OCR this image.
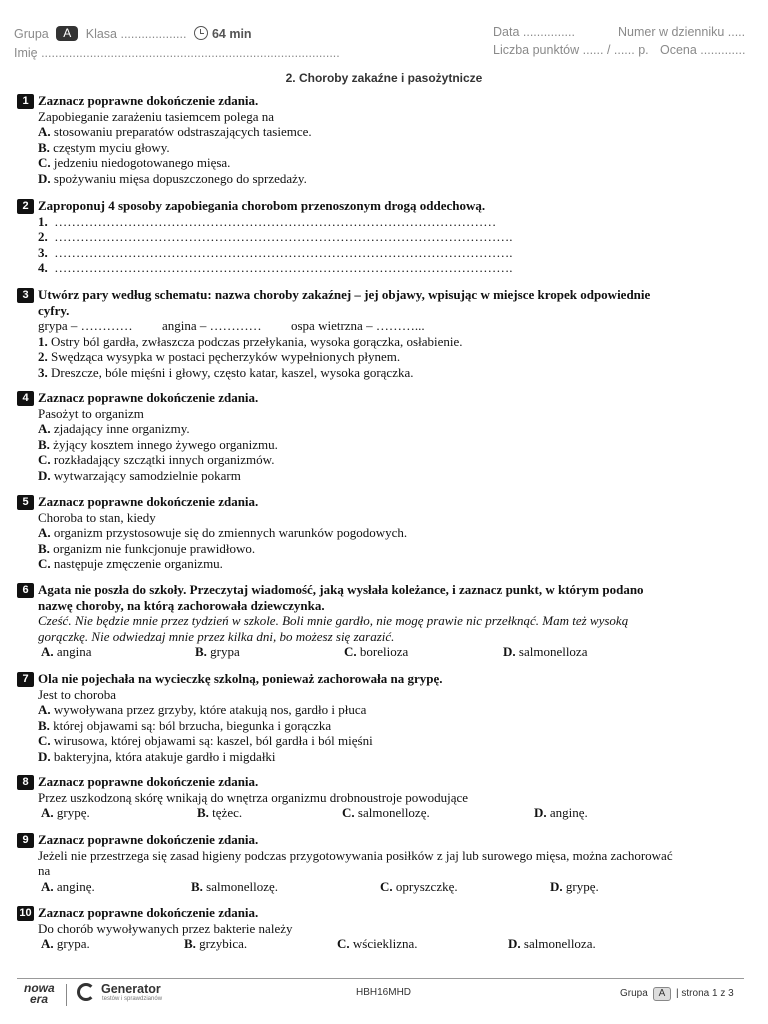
Grupa A Klasa ................... 64 min
Imię ......................................................................................
Data ...............	Numer w dzienniku .....
Liczba punktów ...... / ...... p. Ocena .............
2. Choroby zakaźne i pasożytnicze
1 Zaznacz poprawne dokończenie zdania.
Zapobieganie zarażeniu tasiemcem polega na
A. stosowaniu preparatów odstraszających tasiemce.
B. częstym myciu głowy.
C. jedzeniu niedogotowanego mięsa.
D. spożywaniu mięsa dopuszczonego do sprzedaży.
2 Zaproponuj 4 sposoby zapobiegania chorobom przenoszonym drogą oddechową.
1. …………………………………………………………………………………………
2. …………………………………………………………………………………………….
3. …………………………………………………………………………………………….
4. …………………………………………………………………………………………….
3 Utwórz pary według schematu: nazwa choroby zakaźnej – jej objawy, wpisując w miejsce kropek odpowiednie cyfry.
grypa – ………… angina – ………… ospa wietrzna – ………...
1. Ostry ból gardła, zwłaszcza podczas przełykania, wysoka gorączka, osłabienie.
2. Swędząca wysypka w postaci pęcherzyków wypełnionych płynem.
3. Dreszcze, bóle mięśni i głowy, często katar, kaszel, wysoka gorączka.
4 Zaznacz poprawne dokończenie zdania.
Pasożyt to organizm
A. zjadający inne organizmy.
B. żyjący kosztem innego żywego organizmu.
C. rozkładający szczątki innych organizmów.
D. wytwarzający samodzielnie pokarm
5 Zaznacz poprawne dokończenie zdania.
Choroba to stan, kiedy
A. organizm przystosowuje się do zmiennych warunków pogodowych.
B. organizm nie funkcjonuje prawidłowo.
C. następuje zmęczenie organizmu.
6 Agata nie poszła do szkoły. Przeczytaj wiadomość, jaką wysłała koleżance, i zaznacz punkt, w którym podano nazwę choroby, na którą zachorowała dziewczynka.
Cześć. Nie będzie mnie przez tydzień w szkole. Boli mnie gardło, nie mogę prawie nic przełknąć. Mam też wysoką gorączkę. Nie odwiedzaj mnie przez kilka dni, bo możesz się zarazić.
A. angina	B. grypa	C. borelioza	D. salmonelloza
7 Ola nie pojechała na wycieczkę szkolną, ponieważ zachorowała na grypę.
Jest to choroba
A. wywoływana przez grzyby, które atakują nos, gardło i płuca
B. której objawami są: ból brzucha, biegunka i gorączka
C. wirusowa, której objawami są: kaszel, ból gardła i ból mięśni
D. bakteryjna, która atakuje gardło i migdałki
8 Zaznacz poprawne dokończenie zdania.
Przez uszkodzoną skórę wnikają do wnętrza organizmu drobnoustroje powodujące
A. grypę.	B. tężec.	C. salmonellozę.	D. anginę.
9 Zaznacz poprawne dokończenie zdania.
Jeżeli nie przestrzega się zasad higieny podczas przygotowywania posiłków z jaj lub surowego mięsa, można zachorować na
A. anginę.	B. salmonellozę.	C. opryszczkę.	D. grypę.
10 Zaznacz poprawne dokończenie zdania.
Do chorób wywoływanych przez bakterie należy
A. grypa.	B. grzybica.	C. wścieklizna.	D. salmonelloza.
nowa
era
Generator
testów i sprawdzianów
HBH16MHD	Grupa A | strona 1 z 3
